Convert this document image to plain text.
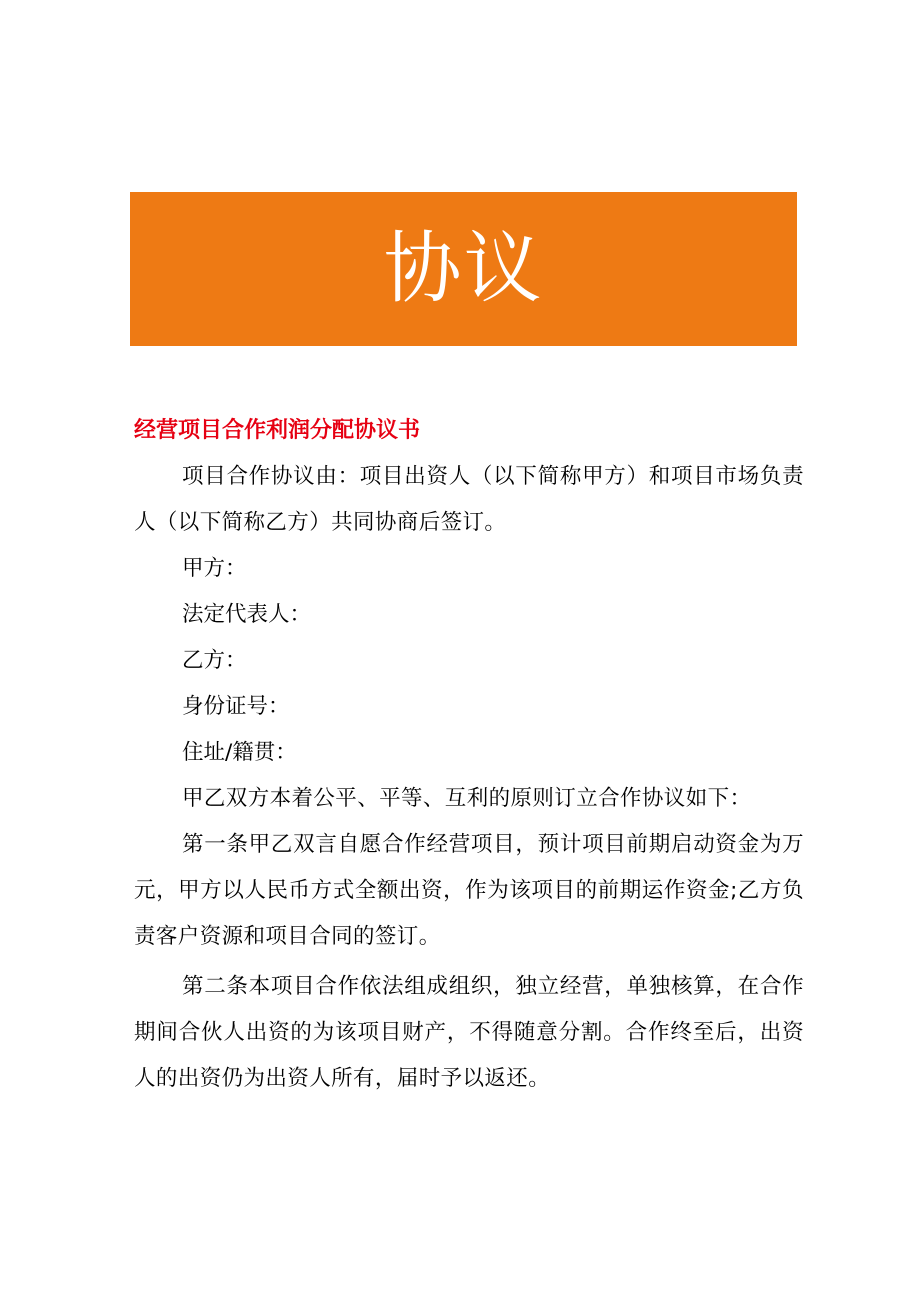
协议

经营项目合作利润分配协议书

项目合作协议由：项目出资人（以下简称甲方）和项目市场负责人（以下简称乙方）共同协商后签订。

甲方：

法定代表人：

乙方：

身份证号：

住址/籍贯：

甲乙双方本着公平、平等、互利的原则订立合作协议如下：

第一条甲乙双言自愿合作经营项目，预计项目前期启动资金为万元，甲方以人民币方式全额出资，作为该项目的前期运作资金;乙方负责客户资源和项目合同的签订。

第二条本项目合作依法组成组织，独立经营，单独核算，在合作期间合伙人出资的为该项目财产，不得随意分割。合作终至后，出资人的出资仍为出资人所有，届时予以返还。
